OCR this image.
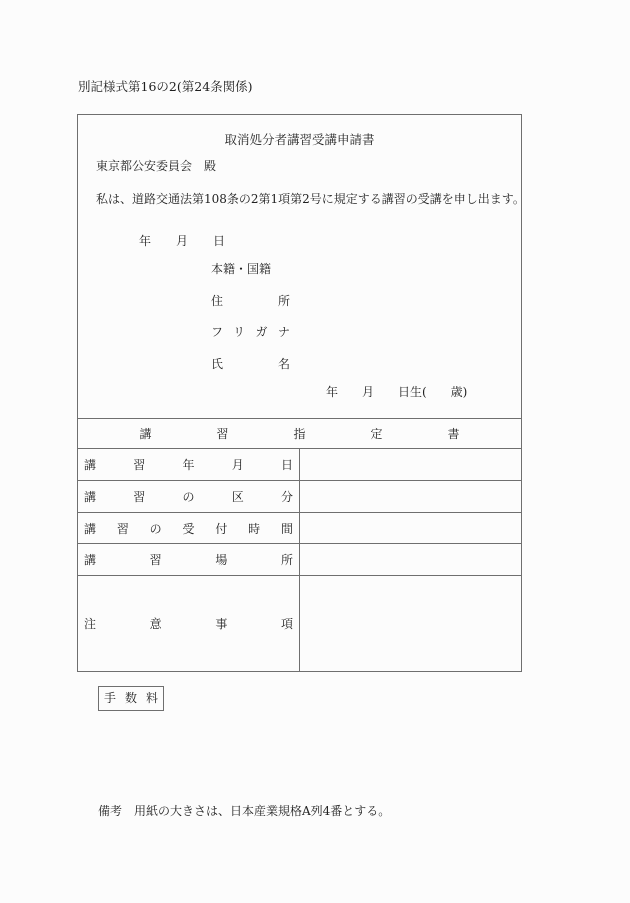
別記様式第16の2(第24条関係)
取消処分者講習受講申請書
東京都公安委員会　殿
私は、道路交通法第108条の2第1項第2号に規定する講習の受講を申し出ます。
年月日
本籍・国籍
住所
フリガナ
氏名
年　　月　　日生(　　歳)
講習指定書	

講習年月日	

講習の区分	

講習の受付時間	

講習場所	

注意事項	

手数料
備考　用紙の大きさは、日本産業規格A列4番とする。
